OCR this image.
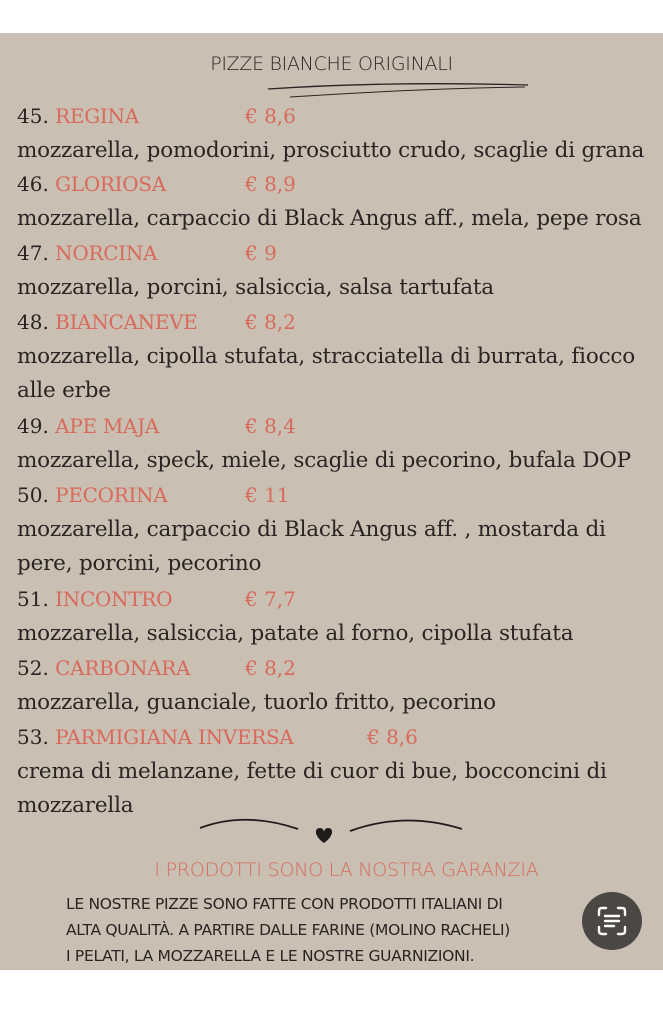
PIZZE BIANCHE ORIGINALI
45. REGINA	€ 8,6
mozzarella, pomodorini, prosciutto crudo, scaglie di grana
46. GLORIOSA	€ 8,9
mozzarella, carpaccio di Black Angus aff., mela, pepe rosa
47. NORCINA	€ 9
mozzarella, porcini, salsiccia, salsa tartufata
48. BIANCANEVE € 8,2
mozzarella, cipolla stufata, stracciatella di burrata, fiocco alle erbe
49. APE MAJA	€ 8,4
mozzarella, speck, miele, scaglie di pecorino, bufala DOP
50. PECORINA	€ 11
mozzarella, carpaccio di Black Angus aff. , mostarda di pere, porcini, pecorino
51. INCONTRO	€ 7,7
mozzarella, salsiccia, patate al forno, cipolla stufata
52. CARBONARA	€ 8,2
mozzarella, guanciale, tuorlo fritto, pecorino
53. PARMIGIANA INVERSA	€ 8,6
crema di melanzane, fette di cuor di bue, bocconcini di mozzarella
I PRODOTTI SONO LA NOSTRA GARANZIA
LE NOSTRE PIZZE SONO FATTE CON PRODOTTI ITALIANI DI
ALTA QUALITÀ. A PARTIRE DALLE FARINE (MOLINO RACHELI)
I PELATI, LA MOZZARELLA E LE NOSTRE GUARNIZIONI.
